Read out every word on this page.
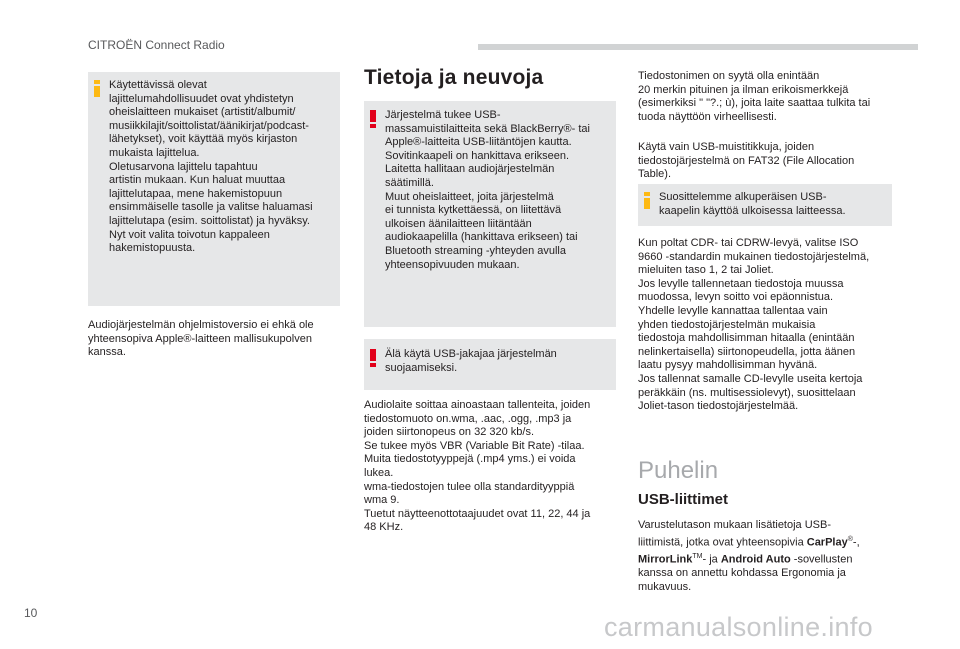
CITROËN Connect Radio

Käytettävissä olevat
lajittelumahdollisuudet ovat yhdistetyn
oheislaitteen mukaiset (artistit/albumit/
musiikkilajit/soittolistat/äänikirjat/podcast-
lähetykset), voit käyttää myös kirjaston
mukaista lajittelua.
Oletusarvona lajittelu tapahtuu
artistin mukaan. Kun haluat muuttaa
lajittelutapaa, mene hakemistopuun
ensimmäiselle tasolle ja valitse haluamasi
lajittelutapa (esim. soittolistat) ja hyväksy.
Nyt voit valita toivotun kappaleen
hakemistopuusta.

Audiojärjestelmän ohjelmistoversio ei ehkä ole
yhteensopiva Apple®-laitteen mallisukupolven
kanssa.

Tietoja ja neuvoja

Järjestelmä tukee USB-
massamuistilaitteita sekä BlackBerry®- tai
Apple®-laitteita USB-liitäntöjen kautta.
Sovitinkaapeli on hankittava erikseen.
Laitetta hallitaan audiojärjestelmän
säätimillä.
Muut oheislaitteet, joita järjestelmä
ei tunnista kytkettäessä, on liitettävä
ulkoisen äänilaitteen liitäntään
audiokaapelilla (hankittava erikseen) tai
Bluetooth streaming -yhteyden avulla
yhteensopivuuden mukaan.

Älä käytä USB-jakajaa järjestelmän
suojaamiseksi.

Audiolaite soittaa ainoastaan tallenteita, joiden
tiedostomuoto on.wma, .aac, .ogg, .mp3 ja
joiden siirtonopeus on 32 320 kb/s.
Se tukee myös VBR (Variable Bit Rate) -tilaa.
Muita tiedostotyyppejä (.mp4 yms.) ei voida
lukea.
wma-tiedostojen tulee olla standardityyppiä
wma 9.
Tuetut näytteenottotaajuudet ovat 11, 22, 44 ja
48 KHz.

Tiedostonimen on syytä olla enintään
20 merkin pituinen ja ilman erikoismerkkejä
(esimerkiksi " "?.; ù), joita laite saattaa tulkita tai
tuoda näyttöön virheellisesti.

Käytä vain USB-muistitikkuja, joiden
tiedostojärjestelmä on FAT32 (File Allocation
Table).

Suosittelemme alkuperäisen USB-
kaapelin käyttöä ulkoisessa laitteessa.

Kun poltat CDR- tai CDRW-levyä, valitse ISO
9660 -standardin mukainen tiedostojärjestelmä,
mieluiten taso 1, 2 tai Joliet.
Jos levylle tallennetaan tiedostoja muussa
muodossa, levyn soitto voi epäonnistua.
Yhdelle levylle kannattaa tallentaa vain
yhden tiedostojärjestelmän mukaisia
tiedostoja mahdollisimman hitaalla (enintään
nelinkertaisella) siirtonopeudella, jotta äänen
laatu pysyy mahdollisimman hyvänä.
Jos tallennat samalle CD-levylle useita kertoja
peräkkäin (ns. multisessiolevyt), suosittelaan
Joliet-tason tiedostojärjestelmää.

Puhelin
USB-liittimet
Varustelutason mukaan lisätietoja USB-
liittimistä, jotka ovat yhteensopivia CarPlay®-,
MirrorLink™- ja Android Auto -sovellusten
kanssa on annettu kohdassa Ergonomia ja
mukavuus.
10	carmanualsonline.info
